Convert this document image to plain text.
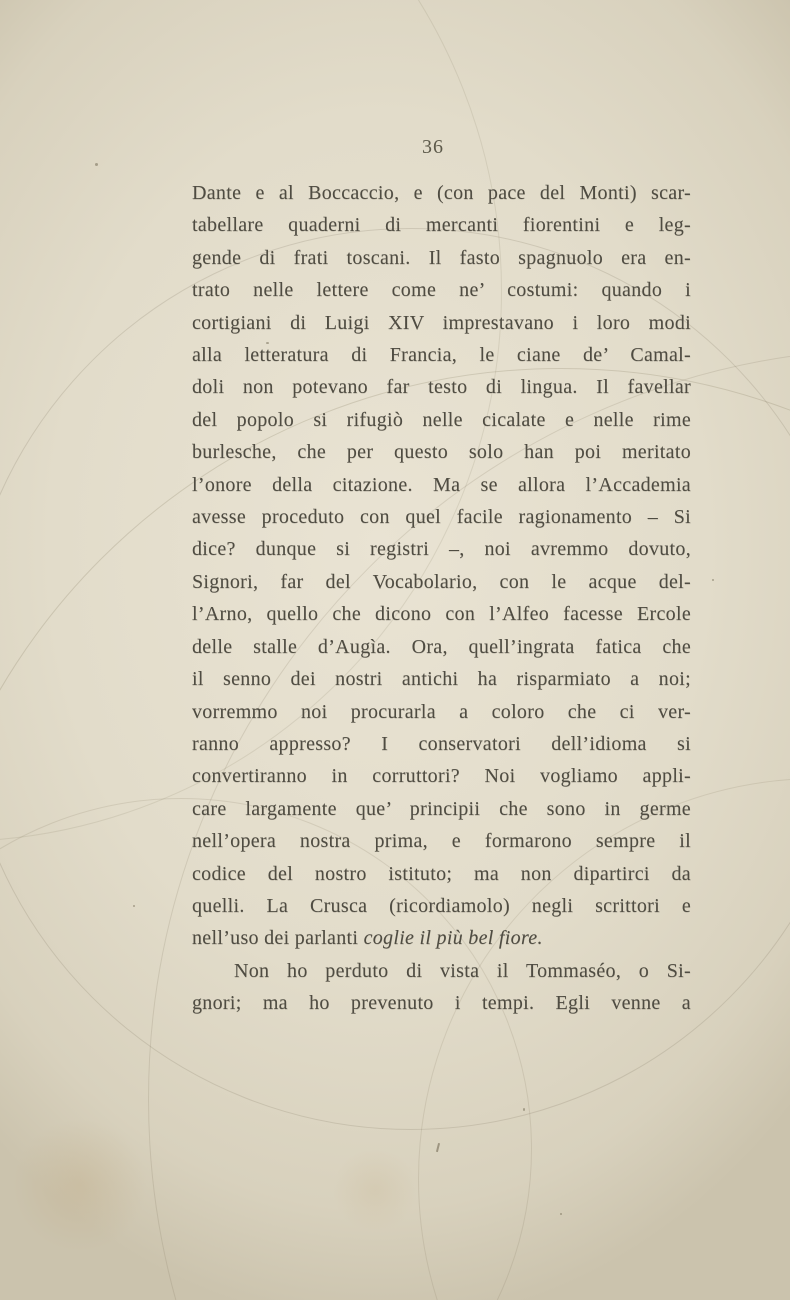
36
Dante e al Boccaccio, e (con pace del Monti) scar-
tabellare quaderni di mercanti fiorentini e leg-
gende di frati toscani. Il fasto spagnuolo era en-
trato nelle lettere come ne’ costumi: quando i
cortigiani di Luigi XIV imprestavano i loro modi
alla letteratura di Francia, le ciane de’ Camal-
doli non potevano far testo di lingua. Il favellar
del popolo si rifugiò nelle cicalate e nelle rime
burlesche, che per questo solo han poi meritato
l’onore della citazione. Ma se allora l’Accademia
avesse proceduto con quel facile ragionamento – Si
dice? dunque si registri –, noi avremmo dovuto,
Signori, far del Vocabolario, con le acque del-
l’Arno, quello che dicono con l’Alfeo facesse Ercole
delle stalle d’Augìa. Ora, quell’ingrata fatica che
il senno dei nostri antichi ha risparmiato a noi;
vorremmo noi procurarla a coloro che ci ver-
ranno appresso? I conservatori dell’idioma si
convertiranno in corruttori? Noi vogliamo appli-
care largamente que’ principii che sono in germe
nell’opera nostra prima, e formarono sempre il
codice del nostro istituto; ma non dipartirci da
quelli. La Crusca (ricordiamolo) negli scrittori e
nell’uso dei parlanti coglie il più bel fiore.
Non ho perduto di vista il Tommaséo, o Si-
gnori; ma ho prevenuto i tempi. Egli venne a
